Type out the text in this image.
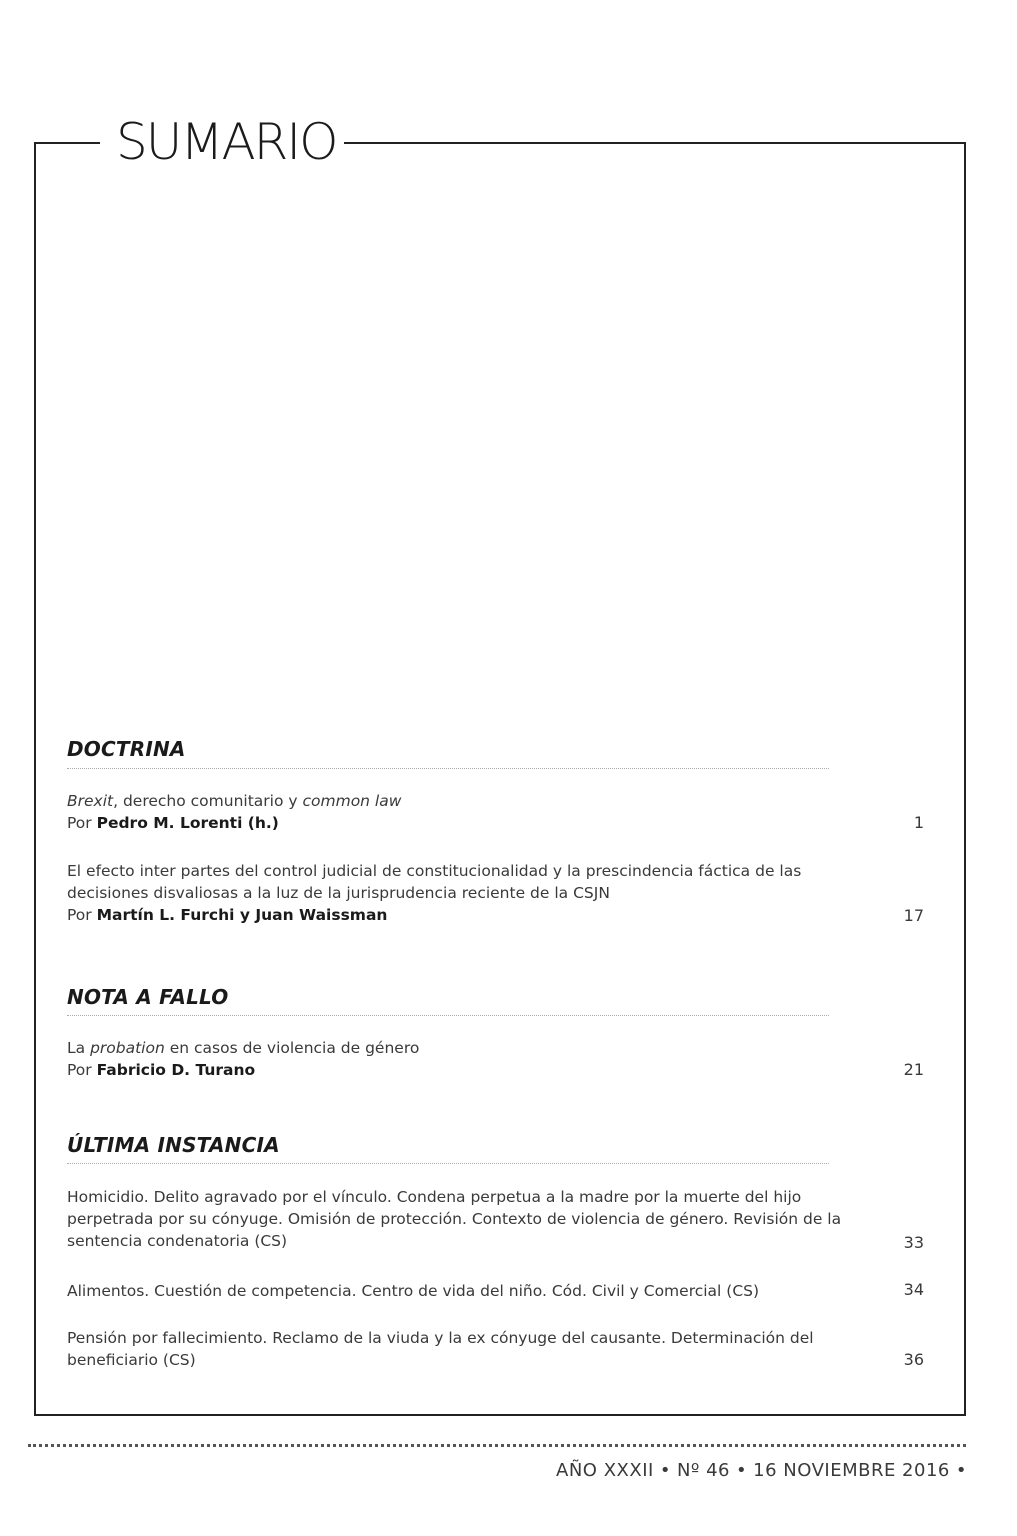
SUMARIO
DOCTRINA
Brexit, derecho comunitario y common law
Por Pedro M. Lorenti (h.)	1
El efecto inter partes del control judicial de constitucionalidad y la prescindencia fáctica de las decisiones disvaliosas a la luz de la jurisprudencia reciente de la CSJN
Por Martín L. Furchi y Juan Waissman	17
NOTA A FALLO
La probation en casos de violencia de género
Por Fabricio D. Turano	21
ÚLTIMA INSTANCIA
Homicidio. Delito agravado por el vínculo. Condena perpetua a la madre por la muerte del hijo perpetrada por su cónyuge. Omisión de protección. Contexto de violencia de género. Revisión de la sentencia condenatoria (CS)	33
Alimentos. Cuestión de competencia. Centro de vida del niño. Cód. Civil y Comercial (CS)	34
Pensión por fallecimiento. Reclamo de la viuda y la ex cónyuge del causante. Determinación del beneficiario (CS)	36
AÑO XXXII • Nº 46 • 16 NOVIEMBRE 2016 •
